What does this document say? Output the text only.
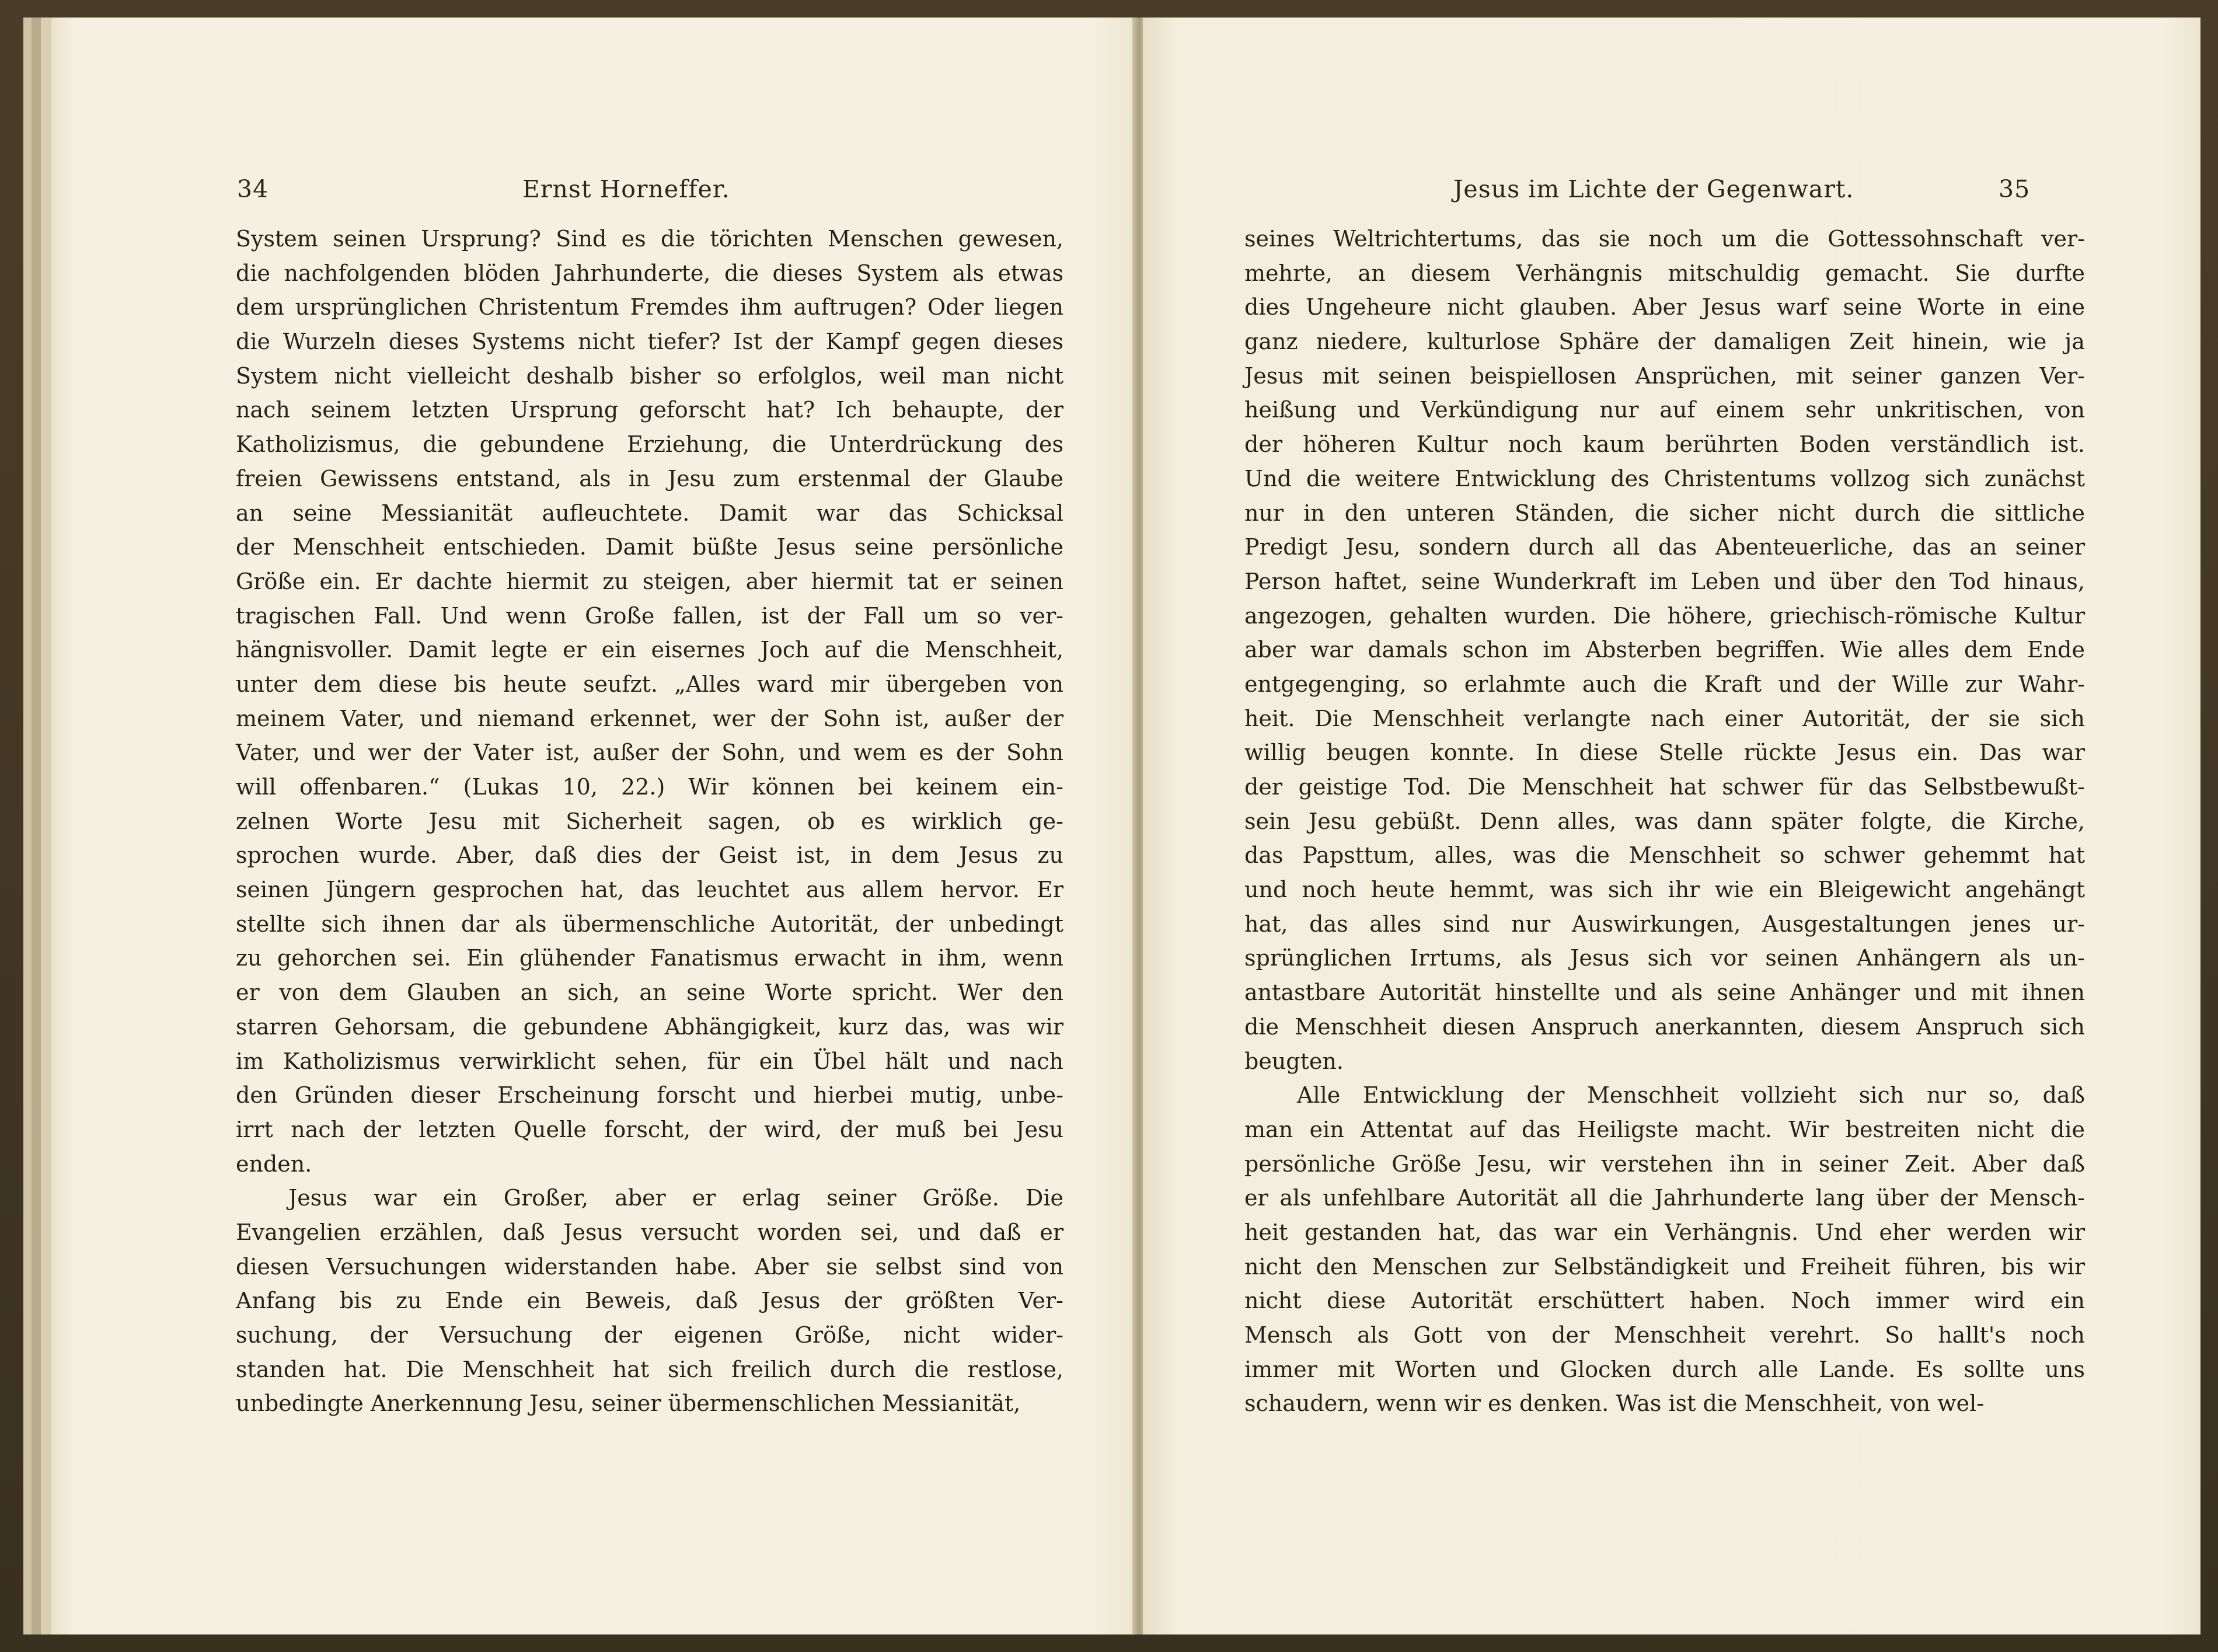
34	Ernst Horneffer.
System seinen Ursprung? Sind es die törichten Menschen gewesen,
die nachfolgenden blöden Jahrhunderte, die dieses System als etwas
dem ursprünglichen Christentum Fremdes ihm auftrugen? Oder liegen
die Wurzeln dieses Systems nicht tiefer? Ist der Kampf gegen dieses
System nicht vielleicht deshalb bisher so erfolglos, weil man nicht
nach seinem letzten Ursprung geforscht hat? Ich behaupte, der
Katholizismus, die gebundene Erziehung, die Unterdrückung des
freien Gewissens entstand, als in Jesu zum erstenmal der Glaube
an seine Messianität aufleuchtete. Damit war das Schicksal
der Menschheit entschieden. Damit büßte Jesus seine persönliche
Größe ein. Er dachte hiermit zu steigen, aber hiermit tat er seinen
tragischen Fall. Und wenn Große fallen, ist der Fall um so ver-
hängnisvoller. Damit legte er ein eisernes Joch auf die Menschheit,
unter dem diese bis heute seufzt. „Alles ward mir übergeben von
meinem Vater, und niemand erkennet, wer der Sohn ist, außer der
Vater, und wer der Vater ist, außer der Sohn, und wem es der Sohn
will offenbaren.“ (Lukas 10, 22.) Wir können bei keinem ein-
zelnen Worte Jesu mit Sicherheit sagen, ob es wirklich ge-
sprochen wurde. Aber, daß dies der Geist ist, in dem Jesus zu
seinen Jüngern gesprochen hat, das leuchtet aus allem hervor. Er
stellte sich ihnen dar als übermenschliche Autorität, der unbedingt
zu gehorchen sei. Ein glühender Fanatismus erwacht in ihm, wenn
er von dem Glauben an sich, an seine Worte spricht. Wer den
starren Gehorsam, die gebundene Abhängigkeit, kurz das, was wir
im Katholizismus verwirklicht sehen, für ein Übel hält und nach
den Gründen dieser Erscheinung forscht und hierbei mutig, unbe-
irrt nach der letzten Quelle forscht, der wird, der muß bei Jesu
enden.
Jesus war ein Großer, aber er erlag seiner Größe. Die
Evangelien erzählen, daß Jesus versucht worden sei, und daß er
diesen Versuchungen widerstanden habe. Aber sie selbst sind von
Anfang bis zu Ende ein Beweis, daß Jesus der größten Ver-
suchung, der Versuchung der eigenen Größe, nicht wider-
standen hat. Die Menschheit hat sich freilich durch die restlose,
unbedingte Anerkennung Jesu, seiner übermenschlichen Messianität,
Jesus im Lichte der Gegenwart.	35
seines Weltrichtertums, das sie noch um die Gottessohnschaft ver-
mehrte, an diesem Verhängnis mitschuldig gemacht. Sie durfte
dies Ungeheure nicht glauben. Aber Jesus warf seine Worte in eine
ganz niedere, kulturlose Sphäre der damaligen Zeit hinein, wie ja
Jesus mit seinen beispiellosen Ansprüchen, mit seiner ganzen Ver-
heißung und Verkündigung nur auf einem sehr unkritischen, von
der höheren Kultur noch kaum berührten Boden verständlich ist.
Und die weitere Entwicklung des Christentums vollzog sich zunächst
nur in den unteren Ständen, die sicher nicht durch die sittliche
Predigt Jesu, sondern durch all das Abenteuerliche, das an seiner
Person haftet, seine Wunderkraft im Leben und über den Tod hinaus,
angezogen, gehalten wurden. Die höhere, griechisch-römische Kultur
aber war damals schon im Absterben begriffen. Wie alles dem Ende
entgegenging, so erlahmte auch die Kraft und der Wille zur Wahr-
heit. Die Menschheit verlangte nach einer Autorität, der sie sich
willig beugen konnte. In diese Stelle rückte Jesus ein. Das war
der geistige Tod. Die Menschheit hat schwer für das Selbstbewußt-
sein Jesu gebüßt. Denn alles, was dann später folgte, die Kirche,
das Papsttum, alles, was die Menschheit so schwer gehemmt hat
und noch heute hemmt, was sich ihr wie ein Bleigewicht angehängt
hat, das alles sind nur Auswirkungen, Ausgestaltungen jenes ur-
sprünglichen Irrtums, als Jesus sich vor seinen Anhängern als un-
antastbare Autorität hinstellte und als seine Anhänger und mit ihnen
die Menschheit diesen Anspruch anerkannten, diesem Anspruch sich
beugten.
Alle Entwicklung der Menschheit vollzieht sich nur so, daß
man ein Attentat auf das Heiligste macht. Wir bestreiten nicht die
persönliche Größe Jesu, wir verstehen ihn in seiner Zeit. Aber daß
er als unfehlbare Autorität all die Jahrhunderte lang über der Mensch-
heit gestanden hat, das war ein Verhängnis. Und eher werden wir
nicht den Menschen zur Selbständigkeit und Freiheit führen, bis wir
nicht diese Autorität erschüttert haben. Noch immer wird ein
Mensch als Gott von der Menschheit verehrt. So hallt's noch
immer mit Worten und Glocken durch alle Lande. Es sollte uns
schaudern, wenn wir es denken. Was ist die Menschheit, von wel-
